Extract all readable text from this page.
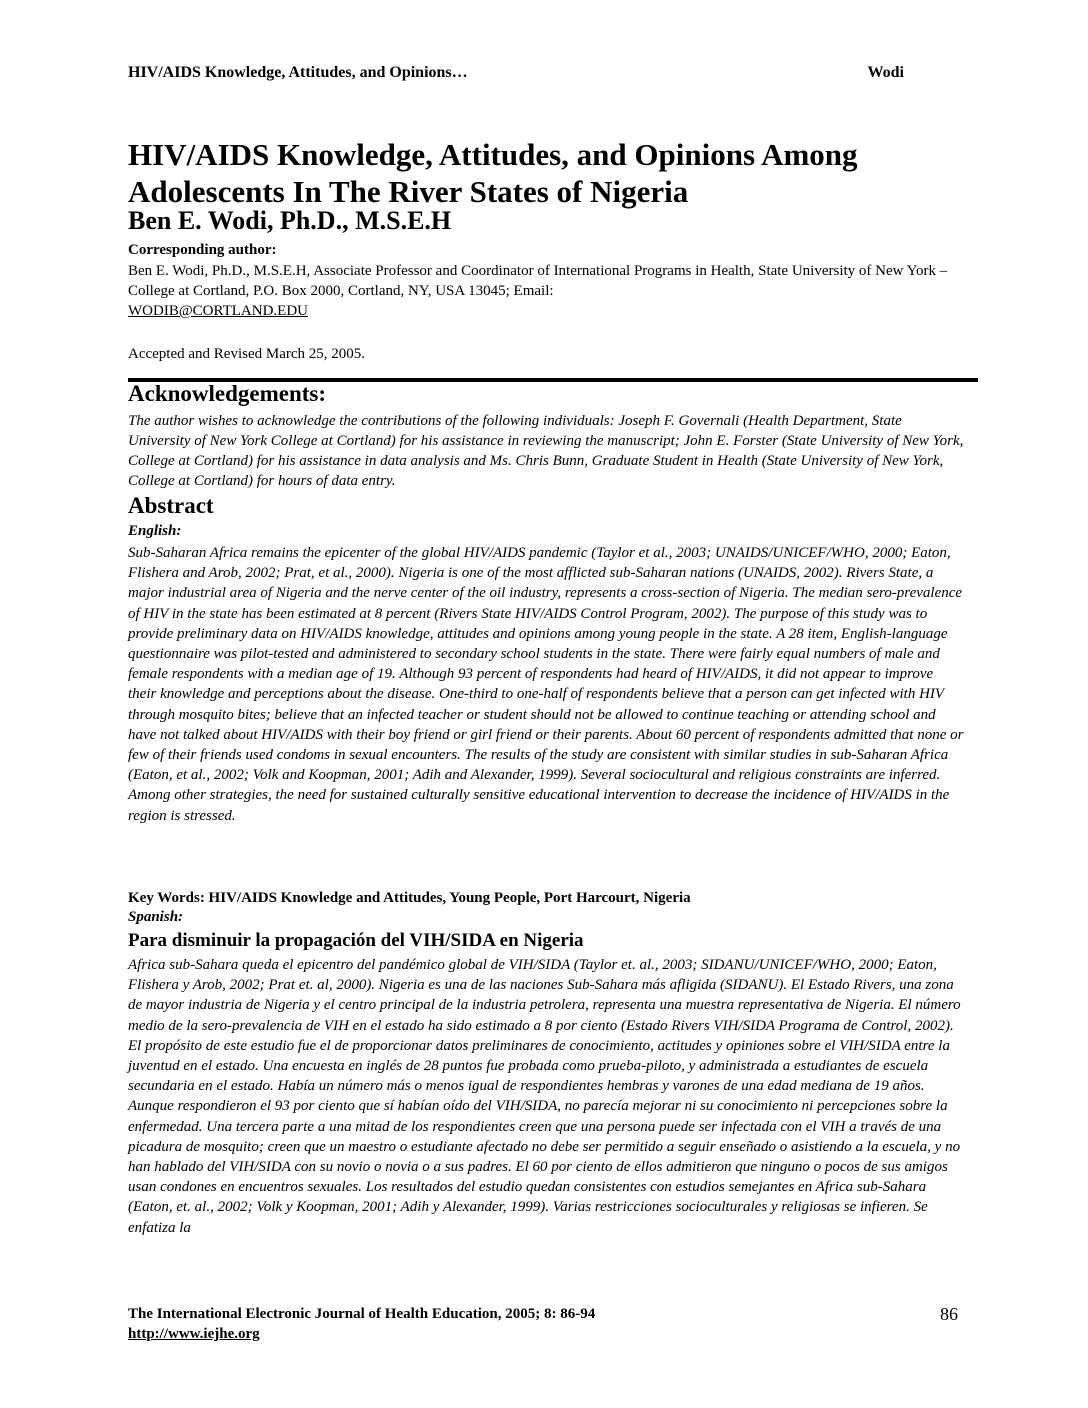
HIV/AIDS Knowledge, Attitudes, and Opinions…	Wodi
HIV/AIDS Knowledge, Attitudes, and Opinions Among Adolescents In The River States of Nigeria
Ben E. Wodi, Ph.D., M.S.E.H
Corresponding author:
Ben E. Wodi, Ph.D., M.S.E.H, Associate Professor and Coordinator of International Programs in Health, State University of New York – College at Cortland, P.O. Box 2000, Cortland, NY, USA 13045; Email:
WODIB@CORTLAND.EDU
Accepted and Revised March 25, 2005.
Acknowledgements:
The author wishes to acknowledge the contributions of the following individuals: Joseph F. Governali (Health Department, State University of New York College at Cortland) for his assistance in reviewing the manuscript; John E. Forster (State University of New York, College at Cortland) for his assistance in data analysis and Ms. Chris Bunn, Graduate Student in Health (State University of New York, College at Cortland) for hours of data entry.
Abstract
English:
Sub-Saharan Africa remains the epicenter of the global HIV/AIDS pandemic (Taylor et al., 2003; UNAIDS/UNICEF/WHO, 2000; Eaton, Flishera and Arob, 2002; Prat, et al., 2000). Nigeria is one of the most afflicted sub-Saharan nations (UNAIDS, 2002). Rivers State, a major industrial area of Nigeria and the nerve center of the oil industry, represents a cross-section of Nigeria. The median sero-prevalence of HIV in the state has been estimated at 8 percent (Rivers State HIV/AIDS Control Program, 2002). The purpose of this study was to provide preliminary data on HIV/AIDS knowledge, attitudes and opinions among young people in the state. A 28 item, English-language questionnaire was pilot-tested and administered to secondary school students in the state. There were fairly equal numbers of male and female respondents with a median age of 19. Although 93 percent of respondents had heard of HIV/AIDS, it did not appear to improve their knowledge and perceptions about the disease. One-third to one-half of respondents believe that a person can get infected with HIV through mosquito bites; believe that an infected teacher or student should not be allowed to continue teaching or attending school and have not talked about HIV/AIDS with their boy friend or girl friend or their parents. About 60 percent of respondents admitted that none or few of their friends used condoms in sexual encounters. The results of the study are consistent with similar studies in sub-Saharan Africa (Eaton, et al., 2002; Volk and Koopman, 2001; Adih and Alexander, 1999). Several sociocultural and religious constraints are inferred. Among other strategies, the need for sustained culturally sensitive educational intervention to decrease the incidence of HIV/AIDS in the region is stressed.
Key Words: HIV/AIDS Knowledge and Attitudes, Young People, Port Harcourt, Nigeria
Spanish:
Para disminuir la propagación del VIH/SIDA en Nigeria
Africa sub-Sahara queda el epicentro del pandémico global de VIH/SIDA (Taylor et. al., 2003; SIDANU/UNICEF/WHO, 2000; Eaton, Flishera y Arob, 2002; Prat et. al, 2000). Nigeria es una de las naciones Sub-Sahara más afligida (SIDANU). El Estado Rivers, una zona de mayor industria de Nigeria y el centro principal de la industria petrolera, representa una muestra representativa de Nigeria. El número medio de la sero-prevalencia de VIH en el estado ha sido estimado a 8 por ciento (Estado Rivers VIH/SIDA Programa de Control, 2002). El propósito de este estudio fue el de proporcionar datos preliminares de conocimiento, actitudes y opiniones sobre el VIH/SIDA entre la juventud en el estado. Una encuesta en inglés de 28 puntos fue probada como prueba-piloto, y administrada a estudiantes de escuela secundaria en el estado. Había un número más o menos igual de respondientes hembras y varones de una edad mediana de 19 años. Aunque respondieron el 93 por ciento que sí habían oído del VIH/SIDA, no parecía mejorar ni su conocimiento ni percepciones sobre la enfermedad. Una tercera parte a una mitad de los respondientes creen que una persona puede ser infectada con el VIH a través de una picadura de mosquito; creen que un maestro o estudiante afectado no debe ser permitido a seguir enseñado o asistiendo a la escuela, y no han hablado del VIH/SIDA con su novio o novia o a sus padres. El 60 por ciento de ellos admitieron que ninguno o pocos de sus amigos usan condones en encuentros sexuales. Los resultados del estudio quedan consistentes con estudios semejantes en Africa sub-Sahara (Eaton, et. al., 2002; Volk y Koopman, 2001; Adih y Alexander, 1999). Varias restricciones socioculturales y religiosas se infieren. Se enfatiza la
The International Electronic Journal of Health Education, 2005; 8: 86-94
http://www.iejhe.org
86
